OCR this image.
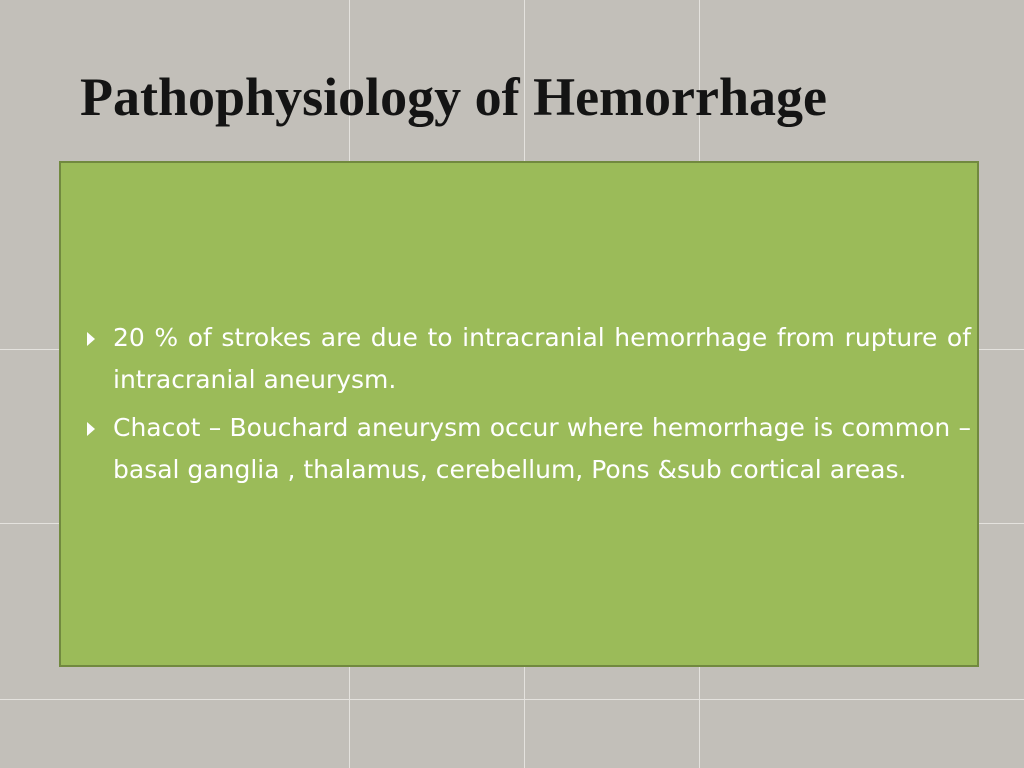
Pathophysiology of Hemorrhage
20 % of strokes are due to intracranial hemorrhage from rupture of intracranial aneurysm.
Chacot – Bouchard aneurysm occur where hemorrhage is common –basal ganglia , thalamus, cerebellum, Pons &sub cortical areas.
